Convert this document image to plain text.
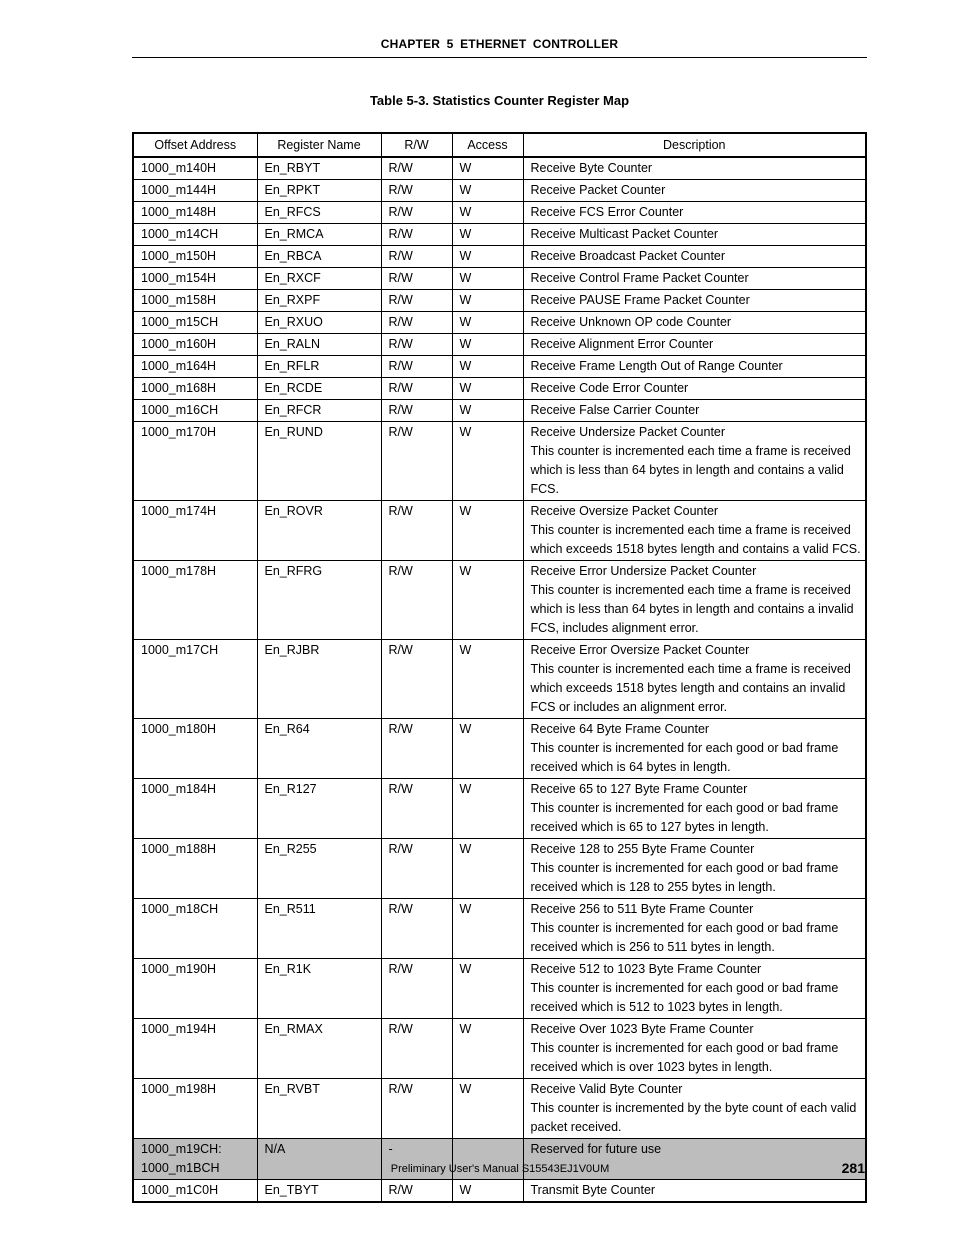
CHAPTER 5 ETHERNET CONTROLLER
Table 5-3. Statistics Counter Register Map
Offset Address	Register Name	R/W	Access	Description
1000_m140H	En_RBYT	R/W	W	Receive Byte Counter

1000_m144H	En_RPKT	R/W	W	Receive Packet Counter

1000_m148H	En_RFCS	R/W	W	Receive FCS Error Counter

1000_m14CH	En_RMCA	R/W	W	Receive Multicast Packet Counter

1000_m150H	En_RBCA	R/W	W	Receive Broadcast Packet Counter

1000_m154H	En_RXCF	R/W	W	Receive Control Frame Packet Counter

1000_m158H	En_RXPF	R/W	W	Receive PAUSE Frame Packet Counter

1000_m15CH	En_RXUO	R/W	W	Receive Unknown OP code Counter

1000_m160H	En_RALN	R/W	W	Receive Alignment Error Counter

1000_m164H	En_RFLR	R/W	W	Receive Frame Length Out of Range Counter

1000_m168H	En_RCDE	R/W	W	Receive Code Error Counter

1000_m16CH	En_RFCR	R/W	W	Receive False Carrier Counter

1000_m170H	En_RUND	R/W	W	Receive Undersize Packet Counter
This counter is incremented each time a frame is received
which is less than 64 bytes in length and contains a valid
FCS.

1000_m174H	En_ROVR	R/W	W	Receive Oversize Packet Counter
This counter is incremented each time a frame is received
which exceeds 1518 bytes length and contains a valid FCS.

1000_m178H	En_RFRG	R/W	W	Receive Error Undersize Packet Counter
This counter is incremented each time a frame is received
which is less than 64 bytes in length and contains a invalid
FCS, includes alignment error.

1000_m17CH	En_RJBR	R/W	W	Receive Error Oversize Packet Counter
This counter is incremented each time a frame is received
which exceeds 1518 bytes length and contains an invalid
FCS or includes an alignment error.

1000_m180H	En_R64	R/W	W	Receive 64 Byte Frame Counter
This counter is incremented for each good or bad frame
received which is 64 bytes in length.

1000_m184H	En_R127	R/W	W	Receive 65 to 127 Byte Frame Counter
This counter is incremented for each good or bad frame
received which is 65 to 127 bytes in length.

1000_m188H	En_R255	R/W	W	Receive 128 to 255 Byte Frame Counter
This counter is incremented for each good or bad frame
received which is 128 to 255 bytes in length.

1000_m18CH	En_R511	R/W	W	Receive 256 to 511 Byte Frame Counter
This counter is incremented for each good or bad frame
received which is 256 to 511 bytes in length.

1000_m190H	En_R1K	R/W	W	Receive 512 to 1023 Byte Frame Counter
This counter is incremented for each good or bad frame
received which is 512 to 1023 bytes in length.

1000_m194H	En_RMAX	R/W	W	Receive Over 1023 Byte Frame Counter
This counter is incremented for each good or bad frame
received which is over 1023 bytes in length.

1000_m198H	En_RVBT	R/W	W	Receive Valid Byte Counter
This counter is incremented by the byte count of each valid
packet received.

1000_m19CH:
1000_m1BCH	N/A	-		Reserved for future use

1000_m1C0H	En_TBYT	R/W	W	Transmit Byte Counter
Preliminary User's Manual S15543EJ1V0UM	281
